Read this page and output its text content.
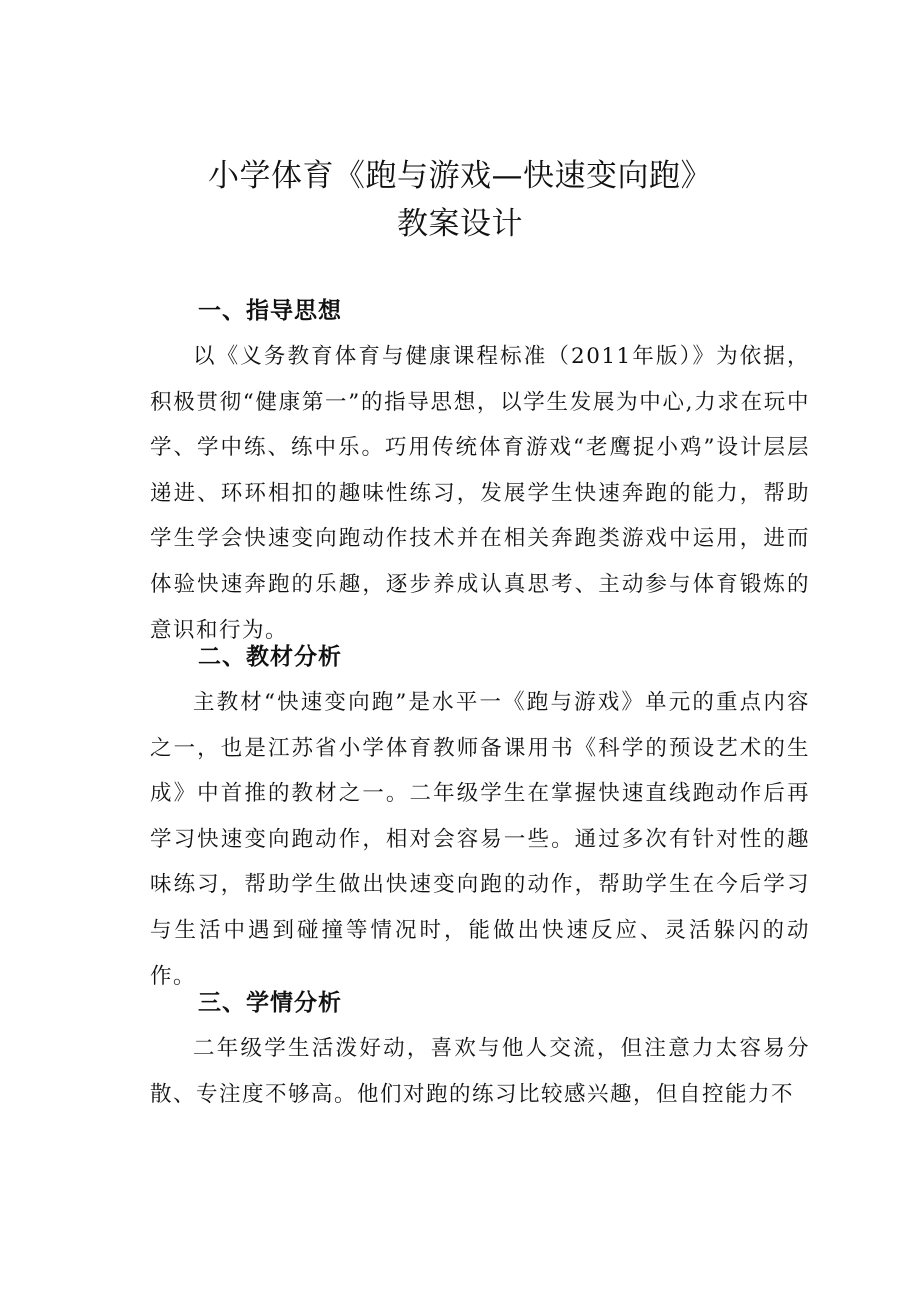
小学体育《跑与游戏—快速变向跑》
教案设计
一、指导思想
以《义务教育体育与健康课程标准（2011年版）》为依据，积极贯彻“健康第一”的指导思想，以学生发展为中心,力求在玩中学、学中练、练中乐。巧用传统体育游戏“老鹰捉小鸡”设计层层递进、环环相扣的趣味性练习，发展学生快速奔跑的能力，帮助学生学会快速变向跑动作技术并在相关奔跑类游戏中运用，进而体验快速奔跑的乐趣，逐步养成认真思考、主动参与体育锻炼的意识和行为。
二、教材分析
主教材“快速变向跑”是水平一《跑与游戏》单元的重点内容之一，也是江苏省小学体育教师备课用书《科学的预设艺术的生成》中首推的教材之一。二年级学生在掌握快速直线跑动作后再学习快速变向跑动作，相对会容易一些。通过多次有针对性的趣味练习，帮助学生做出快速变向跑的动作，帮助学生在今后学习与生活中遇到碰撞等情况时，能做出快速反应、灵活躲闪的动作。
三、学情分析
二年级学生活泼好动，喜欢与他人交流，但注意力太容易分散、专注度不够高。他们对跑的练习比较感兴趣，但自控能力不
